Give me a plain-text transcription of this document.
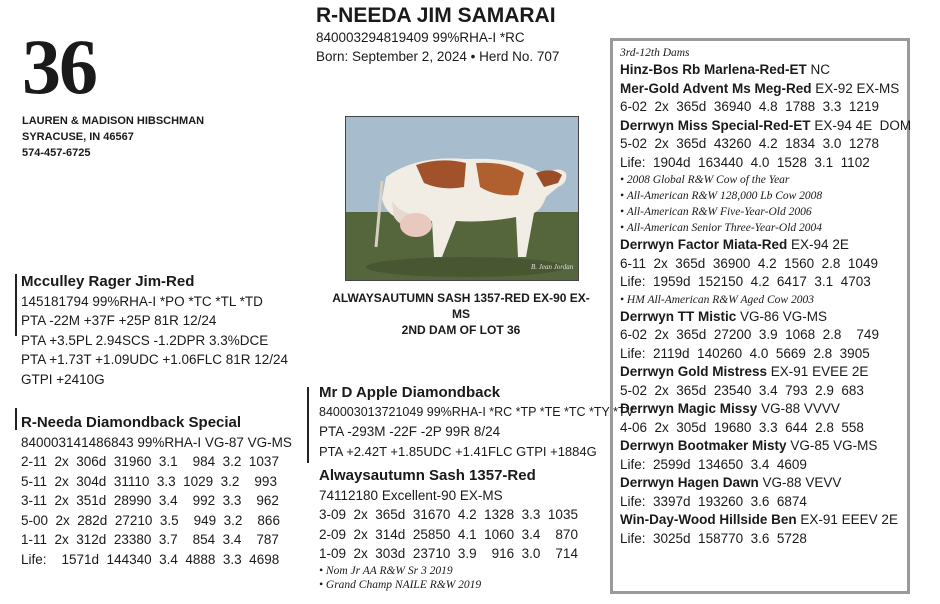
36
LAUREN & MADISON HIBSCHMAN
SYRACUSE, IN 46567
574-457-6725
R-NEEDA JIM SAMARAI
840003294819409 99%RHA-I *RC
Born: September 2, 2024 • Herd No. 707
B. Jean Jordan
ALWAYSAUTUMN SASH 1357-RED EX-90 EX-MS
2ND DAM OF LOT 36
Mcculley Rager Jim-Red
145181794 99%RHA-I *PO *TC *TL *TD
PTA -22M +37F +25P 81R 12/24
PTA +3.5PL 2.94SCS -1.2DPR 3.3%DCE
PTA +1.73T +1.09UDC +1.06FLC 81R 12/24
GTPI +2410G
R-Needa Diamondback Special
840003141486843 99%RHA-I VG-87 VG-MS
2-11  2x  306d  31960  3.1    984  3.2  1037
5-11  2x  304d  31110  3.3  1029  3.2    993
3-11  2x  351d  28990  3.4    992  3.3    962
5-00  2x  282d  27210  3.5    949  3.2    866
1-11  2x  312d  23380  3.7    854  3.4    787
Life:    1571d  144340  3.4  4888  3.3  4698
Mr D Apple Diamondback
840003013721049 99%RHA-I *RC *TP *TE *TC *TY *TV
PTA -293M -22F -2P 99R 8/24
PTA +2.42T +1.85UDC +1.41FLC GTPI +1884G
Alwaysautumn Sash 1357-Red
74112180 Excellent-90 EX-MS
3-09  2x  365d  31670  4.2  1328  3.3  1035
2-09  2x  314d  25850  4.1  1060  3.4    870
1-09  2x  303d  23710  3.9    916  3.0    714
• Nom Jr AA R&W Sr 3 2019
• Grand Champ NAILE R&W 2019
3rd-12th Dams
Hinz-Bos Rb Marlena-Red-ET NC
Mer-Gold Advent Ms Meg-Red EX-92 EX-MS
6-02  2x  365d  36940  4.8  1788  3.3  1219
Derrwyn Miss Special-Red-ET EX-94 4E  DOM
5-02  2x  365d  43260  4.2  1834  3.0  1278
Life:  1904d  163440  4.0  1528  3.1  1102
• 2008 Global R&W Cow of the Year
• All-American R&W 128,000 Lb Cow 2008
• All-American R&W Five-Year-Old 2006
• All-American Senior Three-Year-Old 2004
Derrwyn Factor Miata-Red EX-94 2E
6-11  2x  365d  36900  4.2  1560  2.8  1049
Life:  1959d  152150  4.2  6417  3.1  4703
• HM All-American R&W Aged Cow 2003
Derrwyn TT Mistic VG-86 VG-MS
6-02  2x  365d  27200  3.9  1068  2.8    749
Life:  2119d  140260  4.0  5669  2.8  3905
Derrwyn Gold Mistress EX-91 EVEE 2E
5-02  2x  365d  23540  3.4  793  2.9  683
Derrwyn Magic Missy VG-88 VVVV
4-06  2x  305d  19680  3.3  644  2.8  558
Derrwyn Bootmaker Misty VG-85 VG-MS
Life:  2599d  134650  3.4  4609
Derrwyn Hagen Dawn VG-88 VEVV
Life:  3397d  193260  3.6  6874
Win-Day-Wood Hillside Ben EX-91 EEEV 2E
Life:  3025d  158770  3.6  5728
